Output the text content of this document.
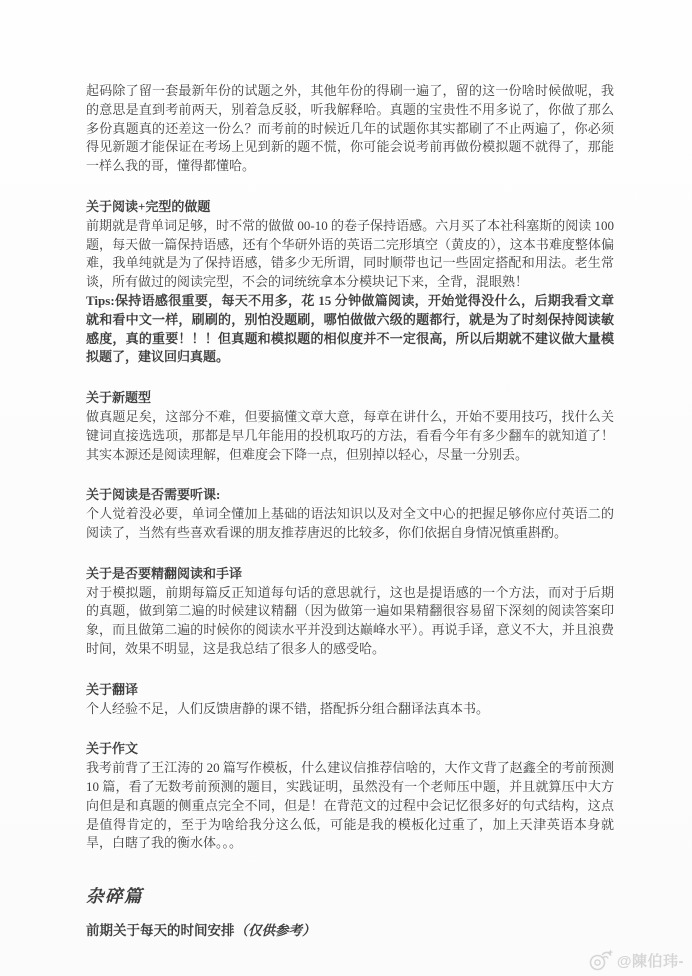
起码除了留一套最新年份的试题之外，其他年份的得刷一遍了，留的这一份啥时候做呢，我的意思是直到考前两天，别着急反驳，听我解释哈。真题的宝贵性不用多说了，你做了那么多份真题真的还差这一份么？而考前的时候近几年的试题你其实都刷了不止两遍了，你必须得见新题才能保证在考场上见到新的题不慌，你可能会说考前再做份模拟题不就得了，那能一样么我的哥，懂得都懂哈。

关于阅读+完型的做题

前期就是背单词足够，时不常的做做 00-10 的卷子保持语感。六月买了本社科塞斯的阅读 100 题，每天做一篇保持语感，还有个华研外语的英语二完形填空（黄皮的），这本书难度整体偏难，我单纯就是为了保持语感，错多少无所谓，同时顺带也记一些固定搭配和用法。老生常谈，所有做过的阅读完型，不会的词统统拿本分模块记下来，全背，混眼熟！

Tips:保持语感很重要，每天不用多，花 15 分钟做篇阅读，开始觉得没什么，后期我看文章就和看中文一样，刷刷的，别怕没题刷，哪怕做做六级的题都行，就是为了时刻保持阅读敏感度，真的重要！！！但真题和模拟题的相似度并不一定很高，所以后期就不建议做大量模拟题了，建议回归真题。

关于新题型

做真题足矣，这部分不难，但要搞懂文章大意，每章在讲什么，开始不要用技巧，找什么关键词直接选选项，那都是早几年能用的投机取巧的方法，看看今年有多少翻车的就知道了！其实本源还是阅读理解，但难度会下降一点，但别掉以轻心，尽量一分别丢。

关于阅读是否需要听课:

个人觉着没必要，单词全懂加上基础的语法知识以及对全文中心的把握足够你应付英语二的阅读了，当然有些喜欢看课的朋友推荐唐迟的比较多，你们依据自身情况慎重斟酌。

关于是否要精翻阅读和手译

对于模拟题，前期每篇反正知道每句话的意思就行，这也是提语感的一个方法，而对于后期的真题，做到第二遍的时候建议精翻（因为做第一遍如果精翻很容易留下深刻的阅读答案印象，而且做第二遍的时候你的阅读水平并没到达巅峰水平）。再说手译，意义不大，并且浪费时间，效果不明显，这是我总结了很多人的感受哈。

关于翻译

个人经验不足，人们反馈唐静的课不错，搭配拆分组合翻译法真本书。

关于作文

我考前背了王江涛的 20 篇写作模板，什么建议信推荐信啥的，大作文背了赵鑫全的考前预测 10 篇，看了无数考前预测的题目，实践证明，虽然没有一个老师压中题，并且就算压中大方向但是和真题的侧重点完全不同，但是！在背范文的过程中会记忆很多好的句式结构，这点是值得肯定的，至于为啥给我分这么低，可能是我的模板化过重了，加上天津英语本身就旱，白瞎了我的衡水体。。。

杂碎篇

前期关于每天的时间安排（仅供参考）

@陳伯玮-
